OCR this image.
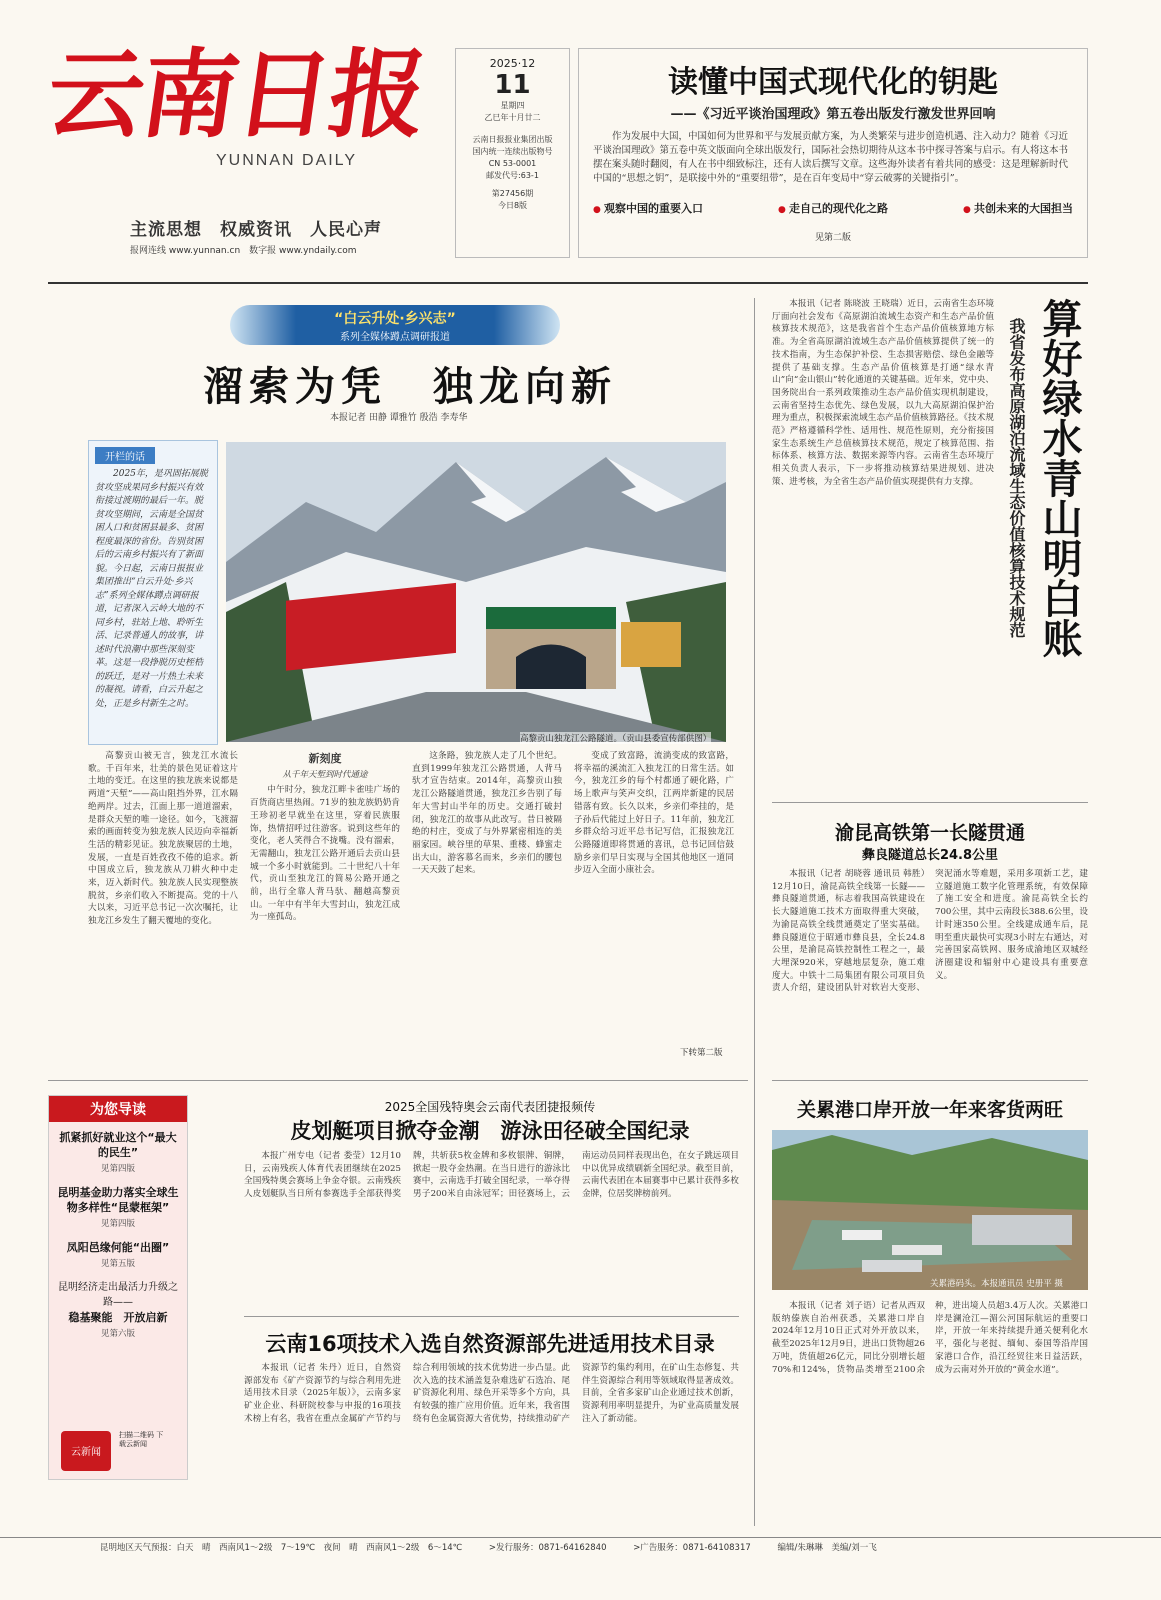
云南日报
YUNNAN DAILY
主流思想　权威资讯　人民心声
报网连线 www.yunnan.cn　数字报 www.yndaily.com
2025·12
11
星期四
乙巳年十月廿二
云南日报报业集团出版
国内统一连续出版物号
CN 53-0001
邮发代号:63-1
第27456期
今日8版
读懂中国式现代化的钥匙
——《习近平谈治国理政》第五卷出版发行激发世界回响
作为发展中大国，中国如何为世界和平与发展贡献方案，为人类繁荣与进步创造机遇、注入动力？随着《习近平谈治国理政》第五卷中英文版面向全球出版发行，国际社会热切期待从这本书中探寻答案与启示。有人将这本书摆在案头随时翻阅，有人在书中细致标注，还有人读后撰写文章。这些海外读者有着共同的感受：这是理解新时代中国的“思想之钥”，是联接中外的“重要纽带”，是在百年变局中“穿云破雾的关键指引”。
● 观察中国的重要入口	● 走自己的现代化之路	● 共创未来的大国担当
见第二版
“白云升处·乡兴志”
系列全媒体蹲点调研报道
溜索为凭　独龙向新
本报记者 田静 谭雅竹 殷浩 李寿华
开栏的话

2025年，是巩固拓展脱贫攻坚成果同乡村振兴有效衔接过渡期的最后一年。脱贫攻坚期间，云南是全国贫困人口和贫困县最多、贫困程度最深的省份。告别贫困后的云南乡村振兴有了新面貌。今日起，云南日报报业集团推出“白云升处·乡兴志”系列全媒体蹲点调研报道，记者深入云岭大地的不同乡村，驻站上地、聆听生活、记录普通人的故事，讲述时代浪潮中那些深刻变革。这是一段挣脱历史桎梏的跃迁，是对一片热土未来的凝视。请看，白云升起之处，正是乡村新生之时。

高黎贡山独龙江公路隧道。（贡山县委宣传部供图）

高黎贡山被无言，独龙江水流长歌。千百年来，壮美的景色见证着这片土地的变迁。在这里的独龙族来说都是两道“天堑”——高山阻挡外界，江水隔绝两岸。过去，江面上那一道道溜索，是群众天堑的唯一途径。如今，飞渡溜索的画面转变为独龙族人民迈向幸福新生活的精彩见证。独龙族聚居的土地，发展，一直是百姓孜孜不倦的追求。新中国成立后，独龙族从刀耕火种中走来，迈入新时代。独龙族人民实现整族脱贫，乡亲们收入不断提高。党的十八大以来，习近平总书记一次次嘱托，让独龙江乡发生了翻天覆地的变化。

新刻度
从千年天堑到时代通途

中午时分，独龙江畔卡雀哇广场的百货商店里热闹。71岁的独龙族奶奶肯王珍初老早就坐在这里，穿着民族服饰，热情招呼过往游客。说到这些年的变化，老人笑得合不拢嘴。没有溜索，无需翻山，独龙江公路开通后去贡山县城一个多小时就能到。二十世纪八十年代，贡山至独龙江的简易公路开通之前，出行全靠人背马驮、翻越高黎贡山。一年中有半年大雪封山，独龙江成为一座孤岛。

这条路，独龙族人走了几个世纪。直到1999年独龙江公路贯通，人背马驮才宣告结束。2014年，高黎贡山独龙江公路隧道贯通，独龙江乡告别了每年大雪封山半年的历史。交通打破封闭，独龙江的故事从此改写。昔日被隔绝的村庄，变成了与外界紧密相连的美丽家园。峡谷里的草果、重楼、蜂蜜走出大山，游客慕名而来，乡亲们的腰包一天天鼓了起来。

变成了致富路，流淌变成的致富路，将幸福的溪流汇入独龙江的日常生活。如今，独龙江乡的每个村都通了硬化路，广场上歌声与笑声交织，江两岸新建的民居错落有致。长久以来，乡亲们牵挂的，是子孙后代能过上好日子。11年前，独龙江乡群众给习近平总书记写信，汇报独龙江公路隧道即将贯通的喜讯，总书记回信鼓励乡亲们早日实现与全国其他地区一道同步迈入全面小康社会。

下转第二版
算好绿水青山明白账
我省发布高原湖泊流域生态价值核算技术规范

本报讯（记者 陈晓波 王晓瑞）近日，云南省生态环境厅面向社会发布《高原湖泊流域生态资产和生态产品价值核算技术规范》，这是我省首个生态产品价值核算地方标准。为全省高原湖泊流域生态产品价值核算提供了统一的技术指南，为生态保护补偿、生态损害赔偿、绿色金融等提供了基础支撑。生态产品价值核算是打通“绿水青山”向“金山银山”转化通道的关键基础。近年来，党中央、国务院出台一系列政策推动生态产品价值实现机制建设，云南省坚持生态优先、绿色发展，以九大高原湖泊保护治理为重点，积极探索流域生态产品价值核算路径。《技术规范》严格遵循科学性、适用性、规范性原则，充分衔接国家生态系统生产总值核算技术规范，规定了核算范围、指标体系、核算方法、数据来源等内容。云南省生态环境厅相关负责人表示，下一步将推动核算结果进规划、进决策、进考核，为全省生态产品价值实现提供有力支撑。

渝昆高铁第一长隧贯通
彝良隧道总长24.8公里

本报讯（记者 胡晓蓉 通讯员 韩胜）12月10日，渝昆高铁全线第一长隧——彝良隧道贯通，标志着我国高铁建设在长大隧道施工技术方面取得重大突破，为渝昆高铁全线贯通奠定了坚实基础。彝良隧道位于昭通市彝良县，全长24.8公里，是渝昆高铁控制性工程之一，最大埋深920米，穿越地层复杂，施工难度大。中铁十二局集团有限公司项目负责人介绍，建设团队针对软岩大变形、突泥涌水等难题，采用多项新工艺，建立隧道施工数字化管理系统，有效保障了施工安全和进度。渝昆高铁全长约700公里，其中云南段长388.6公里，设计时速350公里。全线建成通车后，昆明至重庆最快可实现3小时左右通达，对完善国家高铁网、服务成渝地区双城经济圈建设和辐射中心建设具有重要意义。

关累港口岸开放一年来客货两旺
关累港码头。本报通讯员 史册平 摄

本报讯（记者 刘子语）记者从西双版纳傣族自治州获悉，关累港口岸自2024年12月10日正式对外开放以来，截至2025年12月9日，进出口货物超26万吨，货值超26亿元，同比分别增长超70%和124%，货物品类增至2100余种，进出境人员超3.4万人次。关累港口岸是澜沧江—湄公河国际航运的重要口岸，开放一年来持续提升通关便利化水平，强化与老挝、缅甸、泰国等沿岸国家港口合作，沿江经贸往来日益活跃，成为云南对外开放的“黄金水道”。

2025全国残特奥会云南代表团捷报频传
皮划艇项目掀夺金潮　游泳田径破全国纪录

本报广州专电（记者 娄莹）12月10日，云南残疾人体育代表团继续在2025全国残特奥会赛场上争金夺银。云南残疾人皮划艇队当日所有参赛选手全部获得奖牌，共斩获5枚金牌和多枚银牌、铜牌，掀起一股夺金热潮。在当日进行的游泳比赛中，云南选手打破全国纪录，一举夺得男子200米自由泳冠军；田径赛场上，云南运动员同样表现出色，在女子跳远项目中以优异成绩刷新全国纪录。截至目前，云南代表团在本届赛事中已累计获得多枚金牌，位居奖牌榜前列。

云南16项技术入选自然资源部先进适用技术目录

本报讯（记者 朱丹）近日，自然资源部发布《矿产资源节约与综合利用先进适用技术目录（2025年版）》，云南多家矿业企业、科研院校参与申报的16项技术榜上有名，我省在重点金属矿产节约与综合利用领域的技术优势进一步凸显。此次入选的技术涵盖复杂难选矿石选冶、尾矿资源化利用、绿色开采等多个方向，具有较强的推广应用价值。近年来，我省围绕有色金属资源大省优势，持续推动矿产资源节约集约利用，在矿山生态修复、共伴生资源综合利用等领域取得显著成效。目前，全省多家矿山企业通过技术创新，资源利用率明显提升，为矿业高质量发展注入了新动能。

为您导读
抓紧抓好就业这个“最大的民生”
见第四版
昆明基金助力落实全球生物多样性“昆蒙框架”
见第四版
凤阳邑缘何能“出圈”
见第五版
昆明经济走出最活力升级之路——
稳基聚能　开放启新
见第六版
云新闻
扫描二维码 下载云新闻
昆明地区天气预报：白天　晴　西南风1～2级　7～19℃　夜间　晴　西南风1～2级　6～14℃	>发行服务：0871-64162840	>广告服务：0871-64108317	编辑/朱琳琳　美编/刘一飞
